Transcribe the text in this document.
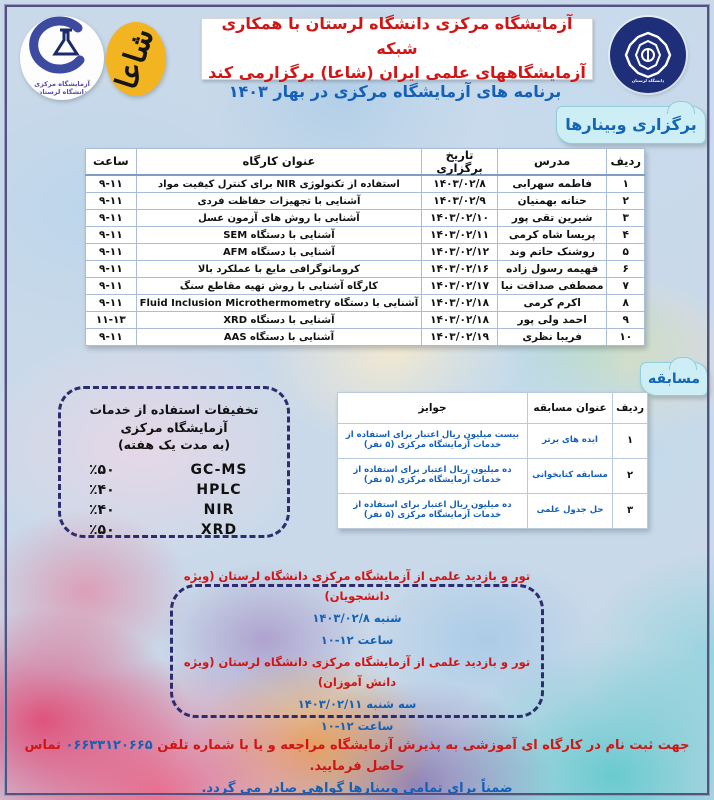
دانشگاه لرستان
آزمایشگاه مرکزی
دانشگاه لرستان شاعا
آزمایشگاه مرکزی دانشگاه لرستان با همکاری شبکه
آزمایشگاههای علمی ایران (شاعا) برگزارمی کند
برنامه های آزمایشگاه مرکزی در بهار ۱۴۰۳
برگزاری وبینارها
ردیف	مدرس	تاریخ برگزاری	عنوان کارگاه	ساعت
۱	فاطمه سهرابی	۱۴۰۳/۰۲/۸	استفاده از تکنولوژی NIR برای کنترل کیفیت مواد	۹-۱۱
۲	حنانه بهمنیان	۱۴۰۳/۰۲/۹	آشنایی با تجهیزات حفاظت فردی	۹-۱۱
۳	شیرین تقی پور	۱۴۰۳/۰۲/۱۰	آشنایی با روش های آزمون عسل	۹-۱۱
۴	پریسا شاه کرمی	۱۴۰۳/۰۲/۱۱	آشنایی با دستگاه SEM	۹-۱۱
۵	روشنک حاتم وند	۱۴۰۳/۰۲/۱۲	آشنایی با دستگاه AFM	۹-۱۱
۶	فهیمه رسول زاده	۱۴۰۳/۰۲/۱۶	کروماتوگرافی مایع با عملکرد بالا	۹-۱۱
۷	مصطفی صداقت نیا	۱۴۰۳/۰۲/۱۷	کارگاه آشنایی با روش تهیه مقاطع سنگ	۹-۱۱
۸	اکرم کرمی	۱۴۰۳/۰۲/۱۸	آشنایی با دستگاه Fluid Inclusion Microthermometry	۹-۱۱
۹	احمد ولی پور	۱۴۰۳/۰۲/۱۸	آشنایی با دستگاه XRD	۱۱-۱۳
۱۰	فریبا نظری	۱۴۰۳/۰۲/۱۹	آشنایی با دستگاه AAS	۹-۱۱
مسابقه
ردیف	عنوان مسابقه	جوایز
۱	ایده های برتر	بیست میلیون ریال اعتبار برای استفاده از خدمات آزمایشگاه مرکزی (۵ نفر)
۲	مسابقه کتابخوانی	ده میلیون ریال اعتبار برای استفاده از خدمات آزمایشگاه مرکزی (۵ نفر)
۳	حل جدول علمی	ده میلیون ریال اعتبار برای استفاده از خدمات آزمایشگاه مرکزی (۵ نفر)
تخفیفات استفاده از خدمات آزمایشگاه مرکزی
(به مدت یک هفته)
٪۵۰	GC-MS
٪۴۰	HPLC
٪۴۰	NIR
٪۵۰	XRD
تور و بازدید علمی از آزمایشگاه مرکزی دانشگاه لرستان (ویژه دانشجویان)
شنبه ۱۴۰۳/۰۲/۸
ساعت ۱۲-۱۰
تور و بازدید علمی از آزمایشگاه مرکزی دانشگاه لرستان (ویژه دانش آموزان)
سه شنبه ۱۴۰۳/۰۲/۱۱
ساعت ۱۲-۱۰
جهت ثبت نام در کارگاه ای آموزشی به پذیرش آزمایشگاه مراجعه و یا با شماره تلفن ۰۶۶۳۳۱۲۰۶۶۵ تماس حاصل فرمایید.
ضمناً برای تمامی وبینارها گواهی صادر می گردد.
